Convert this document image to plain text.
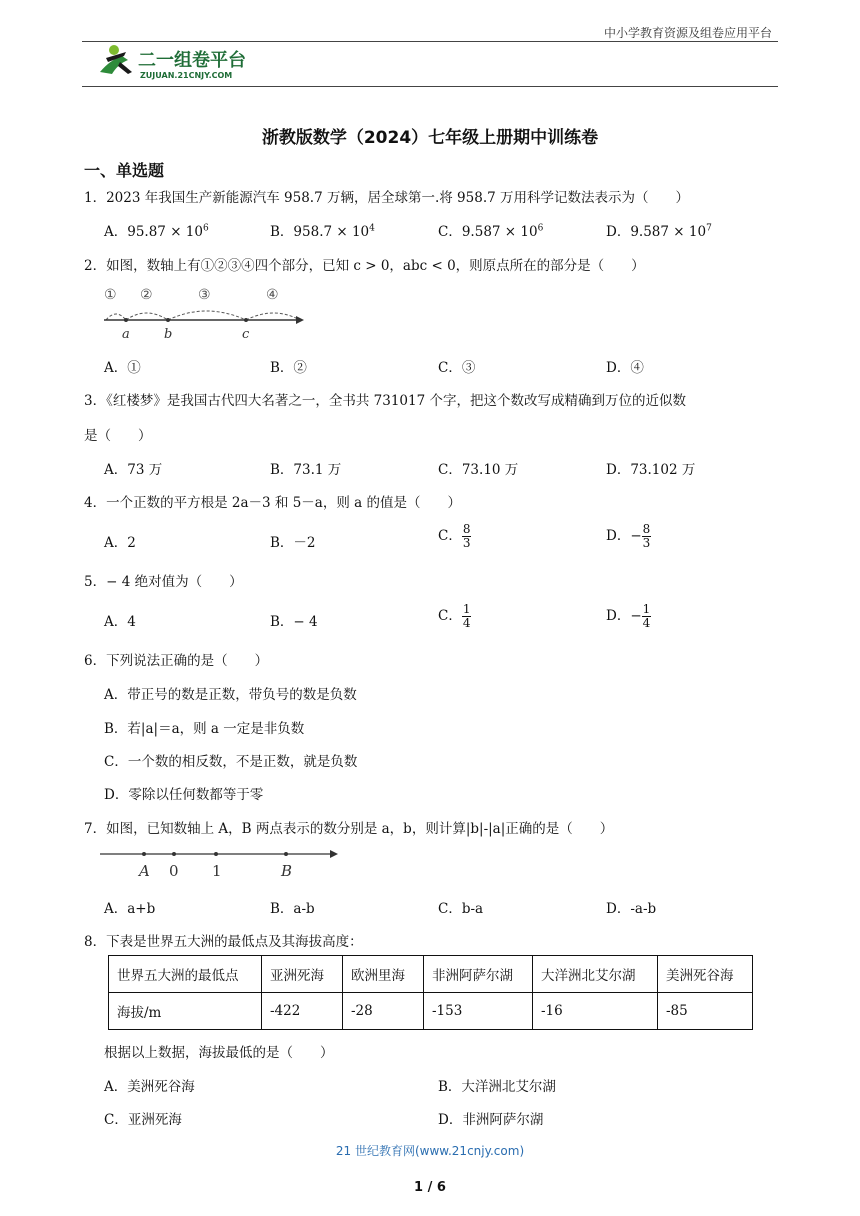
中小学教育资源及组卷应用平台
二一组卷平台
ZUJUAN.21CNJY.COM
浙教版数学（2024）七年级上册期中训练卷
一、单选题
1．2023 年我国生产新能源汽车 958.7 万辆，居全球第一.将 958.7 万用科学记数法表示为（　　）
A．$95.87 \times 10^6$	B．$958.7 \times 10^4$	C．$9.587 \times 10^6$	D．$9.587 \times 10^7$
2．如图，数轴上有①②③④四个部分，已知 c > 0，abc < 0，则原点所在的部分是（　　）
① ②	③	④
a	b	c
A．①	B．②	C．③	D．④
3．《红楼梦》是我国古代四大名著之一，全书共 731017 个字，把这个数改写成精确到万位的近似数
是（　　）
A．73 万	B．73.1 万	C．73.10 万	D．73.102 万
4．一个正数的平方根是 2a－3 和 5－a，则 a 的值是（　　）
A．2	B．－2	C． $\frac{8}{3}$	D．− $\frac{8}{3}$
5．− 4 绝对值为（　　）
A．4	B．− 4	C． $\frac{1}{4}$	D．− $\frac{1}{4}$
6．下列说法正确的是（　　）
A．带正号的数是正数，带负号的数是负数
B．若|a|＝a，则 a 一定是非负数
C．一个数的相反数，不是正数，就是负数
D．零除以任何数都等于零
7．如图，已知数轴上 A，B 两点表示的数分别是 a，b，则计算|b|-|a|正确的是（　　）
A 0 1	B
A．a+b	B．a-b	C．b-a	D．-a-b
8．下表是世界五大洲的最低点及其海拔高度：
世界五大洲的最低点	亚洲死海	欧洲里海	非洲阿萨尔湖	大洋洲北艾尔湖	美洲死谷海
海拔/m	-422	-28	-153	-16	-85
根据以上数据，海拔最低的是（　　）
A．美洲死谷海	B．大洋洲北艾尔湖
C．亚洲死海	D．非洲阿萨尔湖
21 世纪教育网(www.21cnjy.com)
1 / 6
